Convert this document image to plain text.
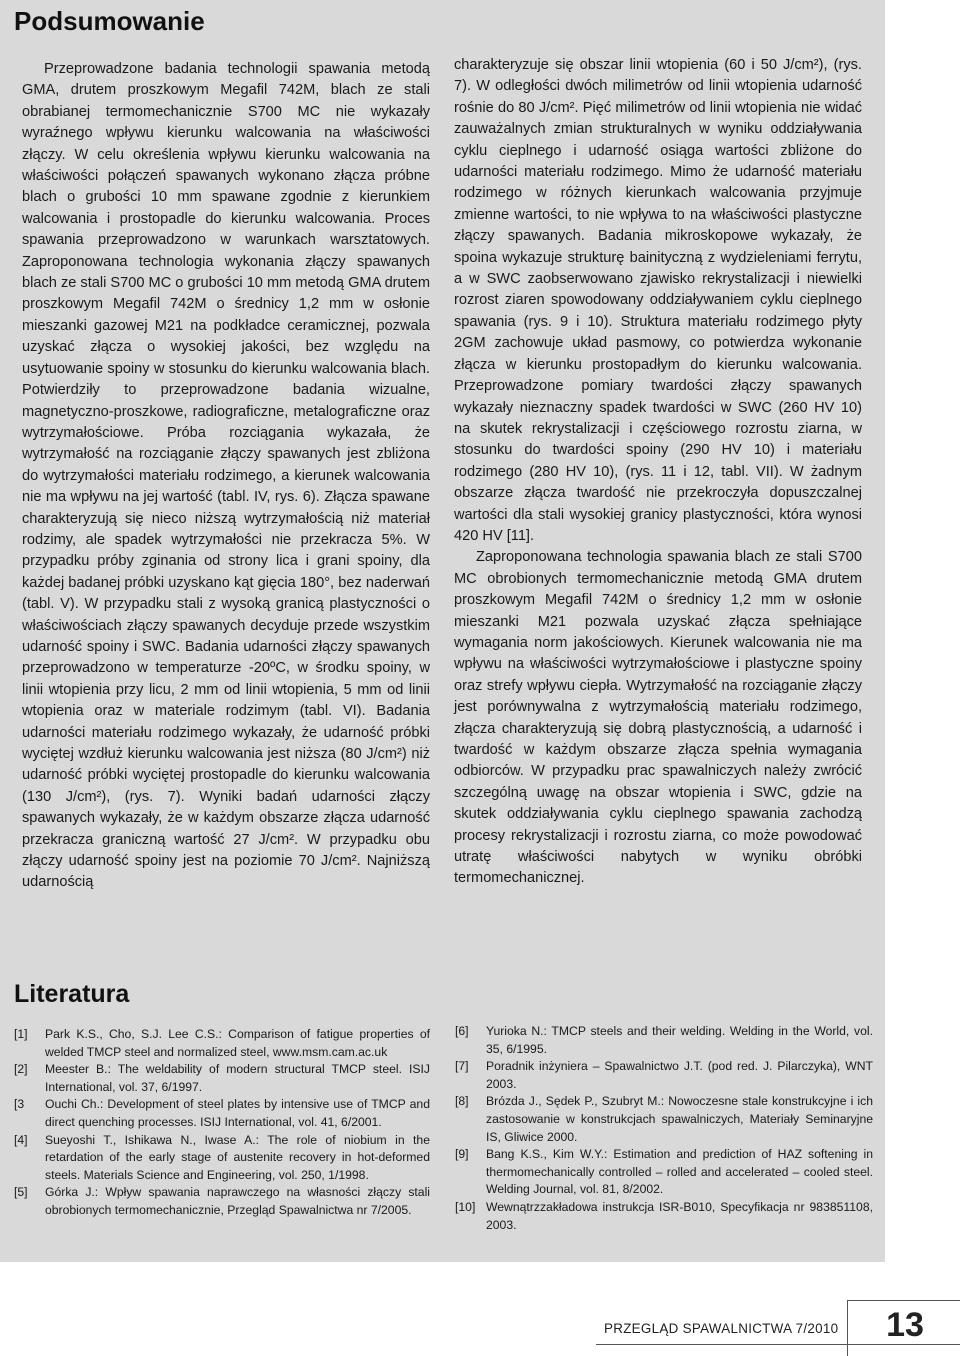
Podsumowanie

Przeprowadzone badania technologii spawania metodą GMA, drutem proszkowym Megafil 742M, blach ze stali obrabianej termomechanicznie S700 MC nie wykazały wyraźnego wpływu kierunku walcowania na właściwości złączy. W celu określenia wpływu kierunku walcowania na właściwości połączeń spawanych wykonano złącza próbne blach o grubości 10 mm spawane zgodnie z kierunkiem walcowania i prostopadle do kierunku walcowania. Proces spawania przeprowadzono w warunkach warsztatowych. Zaproponowana technologia wykonania złączy spawanych blach ze stali S700 MC o grubości 10 mm metodą GMA drutem proszkowym Megafil 742M o średnicy 1,2 mm w osłonie mieszanki gazowej M21 na podkładce ceramicznej, pozwala uzyskać złącza o wysokiej jakości, bez względu na usytuowanie spoiny w stosunku do kierunku walcowania blach. Potwierdziły to przeprowadzone badania wizualne, magnetyczno-proszkowe, radiograficzne, metalograficzne oraz wytrzymałościowe. Próba rozciągania wykazała, że wytrzymałość na rozciąganie złączy spawanych jest zbliżona do wytrzymałości materiału rodzimego, a kierunek walcowania nie ma wpływu na jej wartość (tabl. IV, rys. 6). Złącza spawane charakteryzują się nieco niższą wytrzymałością niż materiał rodzimy, ale spadek wytrzymałości nie przekracza 5%. W przypadku próby zginania od strony lica i grani spoiny, dla każdej badanej próbki uzyskano kąt gięcia 180°, bez naderwań (tabl. V). W przypadku stali z wysoką granicą plastyczności o właściwościach złączy spawanych decyduje przede wszystkim udarność spoiny i SWC. Badania udarności złączy spawanych przeprowadzono w temperaturze -20ºC, w środku spoiny, w linii wtopienia przy licu, 2 mm od linii wtopienia, 5 mm od linii wtopienia oraz w materiale rodzimym (tabl. VI). Badania udarności materiału rodzimego wykazały, że udarność próbki wyciętej wzdłuż kierunku walcowania jest niższa (80 J/cm²) niż udarność próbki wyciętej prostopadle do kierunku walcowania (130 J/cm²), (rys. 7). Wyniki badań udarności złączy spawanych wykazały, że w każdym obszarze złącza udarność przekracza graniczną wartość 27 J/cm². W przypadku obu złączy udarność spoiny jest na poziomie 70 J/cm². Najniższą udarnością

charakteryzuje się obszar linii wtopienia (60 i 50 J/cm²), (rys. 7). W odległości dwóch milimetrów od linii wtopienia udarność rośnie do 80 J/cm². Pięć milimetrów od linii wtopienia nie widać zauważalnych zmian strukturalnych w wyniku oddziaływania cyklu cieplnego i udarność osiąga wartości zbliżone do udarności materiału rodzimego. Mimo że udarność materiału rodzimego w różnych kierunkach walcowania przyjmuje zmienne wartości, to nie wpływa to na właściwości plastyczne złączy spawanych. Badania mikroskopowe wykazały, że spoina wykazuje strukturę bainityczną z wydzieleniami ferrytu, a w SWC zaobserwowano zjawisko rekrystalizacji i niewielki rozrost ziaren spowodowany oddziaływaniem cyklu cieplnego spawania (rys. 9 i 10). Struktura materiału rodzimego płyty 2GM zachowuje układ pasmowy, co potwierdza wykonanie złącza w kierunku prostopadłym do kierunku walcowania. Przeprowadzone pomiary twardości złączy spawanych wykazały nieznaczny spadek twardości w SWC (260 HV 10) na skutek rekrystalizacji i częściowego rozrostu ziarna, w stosunku do twardości spoiny (290 HV 10) i materiału rodzimego (280 HV 10), (rys. 11 i 12, tabl. VII). W żadnym obszarze złącza twardość nie przekroczyła dopuszczalnej wartości dla stali wysokiej granicy plastyczności, która wynosi 420 HV [11].

Zaproponowana technologia spawania blach ze stali S700 MC obrobionych termomechanicznie metodą GMA drutem proszkowym Megafil 742M o średnicy 1,2 mm w osłonie mieszanki M21 pozwala uzyskać złącza spełniające wymagania norm jakościowych. Kierunek walcowania nie ma wpływu na właściwości wytrzymałościowe i plastyczne spoiny oraz strefy wpływu ciepła. Wytrzymałość na rozciąganie złączy jest porównywalna z wytrzymałością materiału rodzimego, złącza charakteryzują się dobrą plastycznością, a udarność i twardość w każdym obszarze złącza spełnia wymagania odbiorców. W przypadku prac spawalniczych należy zwrócić szczególną uwagę na obszar wtopienia i SWC, gdzie na skutek oddziaływania cyklu cieplnego spawania zachodzą procesy rekrystalizacji i rozrostu ziarna, co może powodować utratę właściwości nabytych w wyniku obróbki termomechanicznej.

Literatura
[1]	Park K.S., Cho, S.J. Lee C.S.: Comparison of fatigue properties of welded TMCP steel and normalized steel, www.msm.cam.ac.uk
[2]	Meester B.: The weldability of modern structural TMCP steel. ISIJ International, vol. 37, 6/1997.
[3	Ouchi Ch.: Development of steel plates by intensive use of TMCP and direct quenching processes. ISIJ International, vol. 41, 6/2001.
[4]	Sueyoshi T., Ishikawa N., Iwase A.: The role of niobium in the retardation of the early stage of austenite recovery in hot-deformed steels. Materials Science and Engineering, vol. 250, 1/1998.
[5]	Górka J.: Wpływ spawania naprawczego na własności złączy stali obrobionych termomechanicznie, Przegląd Spawalnictwa nr 7/2005.
[6]	Yurioka N.: TMCP steels and their welding. Welding in the World, vol. 35, 6/1995.
[7]	Poradnik inżyniera – Spawalnictwo J.T. (pod red. J. Pilarczyka), WNT 2003.
[8]	Brózda J., Sędek P., Szubryt M.: Nowoczesne stale konstrukcyjne i ich zastosowanie w konstrukcjach spawalniczych, Materiały Seminaryjne IS, Gliwice 2000.
[9]	Bang K.S., Kim W.Y.: Estimation and prediction of HAZ softening in thermomechanically controlled – rolled and accelerated – cooled steel. Welding Journal, vol. 81, 8/2002.
[10] Wewnątrzzakładowa instrukcja ISR-B010, Specyfikacja nr 983851108, 2003.
PRZEGLĄD SPAWALNICTWA 7/2010	13
